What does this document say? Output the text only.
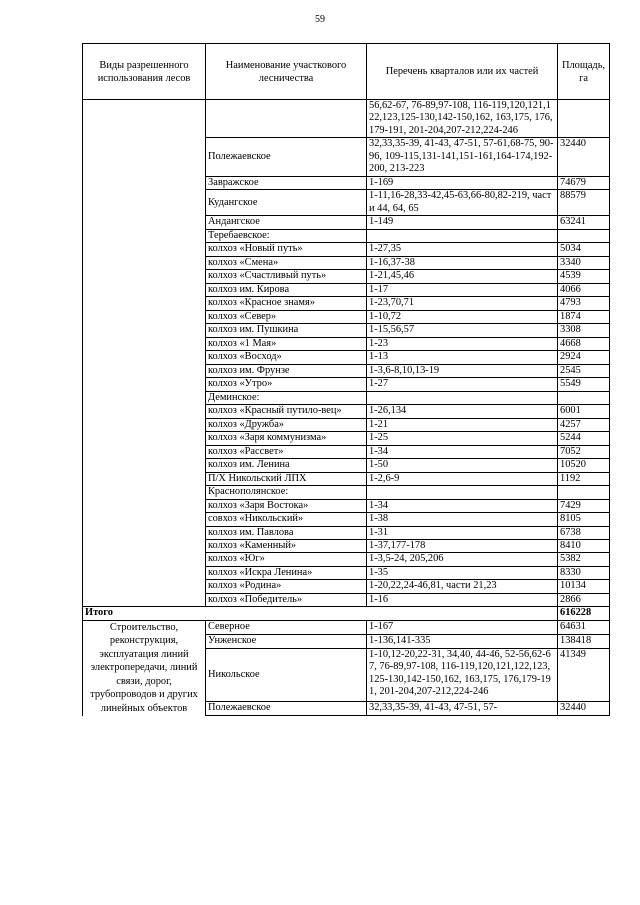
59
Виды разрешенного использования лесов	Наименование участкового лесничества	Перечень кварталов или их частей	Площадь, га
		56,62-67, 76-89,97-108, 116-119,120,121,122,123,125-130,142-150,162, 163,175, 176,179-191, 201-204,207-212,224-246	
	Полежаевское	32,33,35-39, 41-43, 47-51, 57-61,68-75, 90-96, 109-115,131-141,151-161,164-174,192-200, 213-223	32440
	Завражское	1-169	74679
	Кудангское	1-11,16-28,33-42,45-63,66-80,82-219, части 44, 64, 65	88579
	Андангское	1-149	63241
	Теребаевское:		
	колхоз «Новый путь»	1-27,35	5034
	колхоз «Смена»	1-16,37-38	3340
	колхоз «Счастливый путь»	1-21,45,46	4539
	колхоз им. Кирова	1-17	4066
	колхоз «Красное знамя»	1-23,70,71	4793
	колхоз «Север»	1-10,72	1874
	колхоз им. Пушкина	1-15,56,57	3308
	колхоз «1 Мая»	1-23	4668
	колхоз «Восход»	1-13	2924
	колхоз им. Фрунзе	1-3,6-8,10,13-19	2545
	колхоз «Утро»	1-27	5549
	Деминское:		
	колхоз «Красный путило-вец»	1-26,134	6001
	колхоз «Дружба»	1-21	4257
	колхоз «Заря коммунизма»	1-25	5244
	колхоз «Рассвет»	1-34	7052
	колхоз им. Ленина	1-50	10520
	П/Х Никольский ЛПХ	1-2,6-9	1192
	Краснополянское:		
	колхоз «Заря Востока»	1-34	7429
	совхоз «Никольский»	1-38	8105
	колхоз им. Павлова	1-31	6738
	колхоз «Каменный»	1-37,177-178	8410
	колхоз «Юг»	1-3,5-24, 205,206	5382
	колхоз «Искра Ленина»	1-35	8330
	колхоз «Родина»	1-20,22,24-46,81, части 21,23	10134
	колхоз «Победитель»	1-16	2866
Итого			616228
Строительство, реконструкция, эксплуатация линий электропередачи, линий связи, дорог, трубопроводов и других линейных объектов	Северное	1-167	64631
	Унженское	1-136,141-335	138418
	Никольское	1-10,12-20,22-31, 34,40, 44-46, 52-56,62-67, 76-89,97-108, 116-119,120,121,122,123,125-130,142-150,162, 163,175, 176,179-191, 201-204,207-212,224-246	41349
	Полежаевское	32,33,35-39, 41-43, 47-51, 57-	32440
